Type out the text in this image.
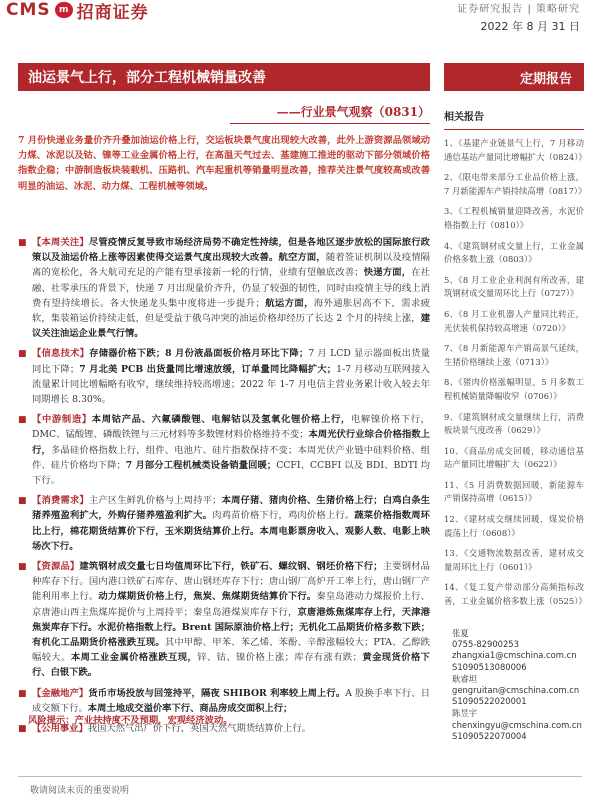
CMS m 招商证券	证券研究报告 | 策略研究
2022 年 8 月 31 日
油运景气上行，部分工程机械销量改善	定期报告
——行业景气观察（0831）
7 月份快递业务量价齐升叠加油运价格上行，交运板块景气度出现较大改善，此外上游资源品领域动力煤、冰泥以及钴、镍等工业金属价格上行，在高温天气过去、基建施工推进的驱动下部分领域价格指数企稳；中游制造板块装载机、压路机、汽车起重机等销量明显改善，推荐关注景气度较高或改善明显的油运、冰泥、动力煤、工程机械等领域。
■ 【本周关注】尽管疫情反复导致市场经济局势不确定性持续，但是各地区逐步放松的国际旅行政策以及油运价格上涨等因素使得交运景气度出现较大改善。航空方面，随着签证机制以及疫情隔离的宽松化，各大航司充足的产能有望承接新一轮的行情，业绩有望触底改善；快递方面，在社融、社零承压的背景下，快递 7 月出现量价齐升，仍显了较强的韧性，同时由疫情主导的线上消费有望持续增长。各大快递龙头集中度将进一步提升；航运方面，海外通胀居高不下，需求疲软，集装箱运价持续走低，但是受益于俄乌冲突的油运价格却经历了长达 2 个月的持续上涨，建议关注油运企业景气行情。
■ 【信息技术】存储器价格下跌；8 月份液晶面板价格月环比下降；7 月 LCD 显示器面板出货量同比下降；7 月北美 PCB 出货量同比增速放缓，订单量同比降幅扩大；1-7 月移动互联网接入流量累计同比增幅略有收窄，继续维持较高增速；2022 年 1-7 月电信主营业务累计收入较去年同期增长 8.30%。
■ 【中游制造】本周钴产品、六氟磷酸锂、电解钴以及氢氧化锂价格上行，电解镍价格下行，DMC、锰酸锂、磷酸铁锂与三元材料等多数锂材料价格维持不变；本周光伏行业综合价格指数上行，多晶硅价格指数上行，组件、电池片、硅片指数保持不变；本周光伏产业链中硅料价格、组件、硅片价格均下降；7 月部分工程机械类设备销量回暖；CCFI、CCBFI 以及 BDI、BDTI 均下行。
■ 【消费需求】主产区生鲜乳价格与上周持平；本周仔猪、猪肉价格、生猪价格上行；白鸡白条生猪养殖盈利扩大，外购仔猪养殖盈利扩大。肉鸡苗价格下行，鸡肉价格上行。蔬菜价格指数周环比上行，棉花期货结算价下行，玉米期货结算价上行。本周电影票房收入、观影人数、电影上映场次下行。
■ 【资源品】建筑钢材成交量七日均值周环比下行，铁矿石、螺纹钢、钢坯价格下行；主要钢材品种库存下行。国内港口铁矿石库存、唐山钢坯库存下行；唐山钢厂高炉开工率上行，唐山钢厂产能利用率上行。动力煤期货价格上行，焦炭、焦煤期货结算价下行。秦皇岛港动力煤报价上行、京唐港山西主焦煤库提价与上周持平；秦皇岛港煤炭库存下行，京唐港炼焦煤库存上行，天津港焦炭库存下行。水泥价格指数上行。Brent 国际原油价格上行；无机化工品期货价格多数下跌；有机化工品期货价格涨跌互现。其中甲醇、甲苯、苯乙烯、苯酚、辛醇涨幅较大；PTA、乙醇跌幅较大。本周工业金属价格涨跌互现，锌、钴、镍价格上涨；库存有涨有跌；黄金现货价格下行、白银下跌。
■ 【金融地产】货币市场投放与回笼持平，隔夜 SHIBOR 利率较上周上行。A 股换手率下行、日成交额下行。本周土地成交溢价率下行、商品房成交面积上行；
■ 【公用事业】我国天然气出厂价下行，英国天然气期货结算价上行。
风险提示：产业扶持度不及预期，宏观经济波动。
相关报告
1、《基建产业链景气上行，7 月移动通信基站产量同比增幅扩大（0824）》
2、《限电带来部分工业品价格上涨，7 月新能源车产销持续高增（0817）》
3、《工程机械销量迎降改善，水泥价格指数上行（0810）》
4、《建筑钢材成交量上行，工业金属价格多数上涨（0803）》
5、《8 月工业企业利润有所改善，建筑钢材成交量周环比上行（0727）》
6、《8 月工业机器人产量同比转正，光伏装机保持较高增速（0720）》
7、《8 月新能源车产销高景气延续，生猪价格继续上涨（0713）》
8、《猪肉价格涨幅明显，5 月多数工程机械销量降幅收窄（0706）》
9、《建筑钢材成交量继续上行，消费板块景气度改善（0629）》
10、《商品房成交回暖，移动通信基站产量同比增幅扩大（0622）》
11、《5 月消费数据回暖，新能源车产销保持高增（0615）》
12、《建材成交继续回暖，煤炭价格震荡上行（0608）》
13、《交通物流数据改善，建材成交量周环比上行（0601）》
14、《复工复产带动部分高频指标改善，工业金属价格多数上涨（0525）》
张夏
0755-82900253
zhangxia1@cmschina.com.cn
S1090513080006
耿睿坦
gengruitan@cmschina.com.cn
S1090522020001
陈昱宇
chenxingyu@cmschina.com.cn
S1090522070004
敬请阅读末页的重要说明
